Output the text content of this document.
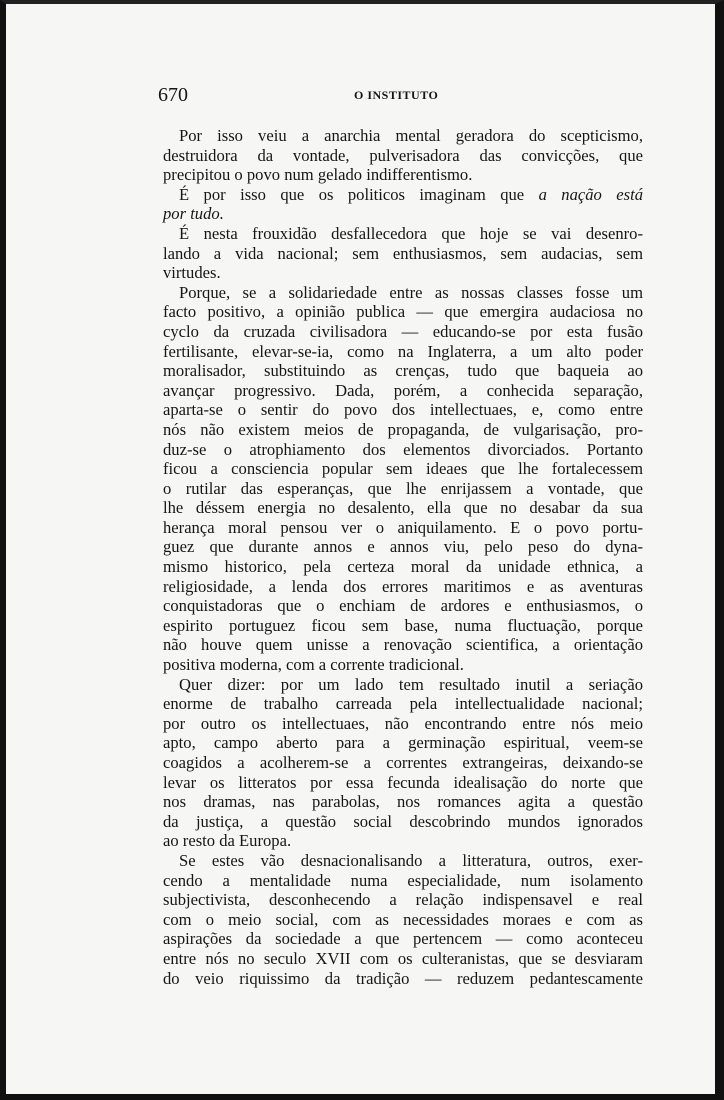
670	O INSTITUTO
Por isso veiu a anarchia mental geradora do scepticismo,
destruidora da vontade, pulverisadora das convicções, que
precipitou o povo num gelado indifferentismo.
É por isso que os politicos imaginam que a nação está
por tudo.
É nesta frouxidão desfallecedora que hoje se vai desenro-
lando a vida nacional; sem enthusiasmos, sem audacias, sem
virtudes.
Porque, se a solidariedade entre as nossas classes fosse um
facto positivo, a opinião publica — que emergira audaciosa no
cyclo da cruzada civilisadora — educando-se por esta fusão
fertilisante, elevar-se-ia, como na Inglaterra, a um alto poder
moralisador, substituindo as crenças, tudo que baqueia ao
avançar progressivo. Dada, porém, a conhecida separação,
aparta-se o sentir do povo dos intellectuaes, e, como entre
nós não existem meios de propaganda, de vulgarisação, pro-
duz-se o atrophiamento dos elementos divorciados. Portanto
ficou a consciencia popular sem ideaes que lhe fortalecessem
o rutilar das esperanças, que lhe enrijassem a vontade, que
lhe déssem energia no desalento, ella que no desabar da sua
herança moral pensou ver o aniquilamento. E o povo portu-
guez que durante annos e annos viu, pelo peso do dyna-
mismo historico, pela certeza moral da unidade ethnica, a
religiosidade, a lenda dos errores maritimos e as aventuras
conquistadoras que o enchiam de ardores e enthusiasmos, o
espirito portuguez ficou sem base, numa fluctuação, porque
não houve quem unisse a renovação scientifica, a orientação
positiva moderna, com a corrente tradicional.
Quer dizer: por um lado tem resultado inutil a seriação
enorme de trabalho carreada pela intellectualidade nacional;
por outro os intellectuaes, não encontrando entre nós meio
apto, campo aberto para a germinação espiritual, veem-se
coagidos a acolherem-se a correntes extrangeiras, deixando-se
levar os litteratos por essa fecunda idealisação do norte que
nos dramas, nas parabolas, nos romances agita a questão
da justiça, a questão social descobrindo mundos ignorados
ao resto da Europa.
Se estes vão desnacionalisando a litteratura, outros, exer-
cendo a mentalidade numa especialidade, num isolamento
subjectivista, desconhecendo a relação indispensavel e real
com o meio social, com as necessidades moraes e com as
aspirações da sociedade a que pertencem — como aconteceu
entre nós no seculo XVII com os culteranistas, que se desviaram
do veio riquissimo da tradição — reduzem pedantescamente
